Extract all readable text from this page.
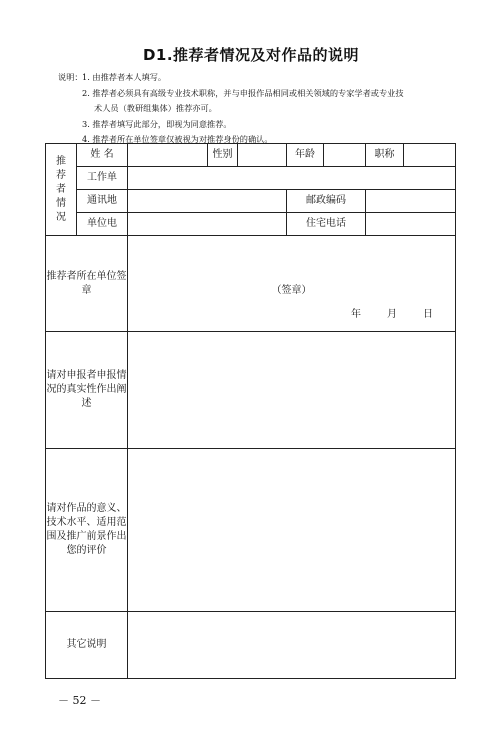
D1.推荐者情况及对作品的说明
说明： 1. 由推荐者本人填写。
2. 推荐者必须具有高级专业技术职称，并与申报作品相同或相关领域的专家学者或专业技
术人员（教研组集体）推荐亦可。
3. 推荐者填写此部分，即视为同意推荐。
4. 推荐者所在单位签章仅被视为对推荐身份的确认。
推荐者情况	姓 名		性别		年龄		职称	
	工作单							
	通讯地				邮政编码			
	单位电				住宅电话			
推荐者所在单位签章		（签章）
年 月 日						

请对申报者申报情况的真实性作出阐述								
请对作品的意义、技术水平、适用范围及推广前景作出您的评价								
其它说明								
－ 52 －
